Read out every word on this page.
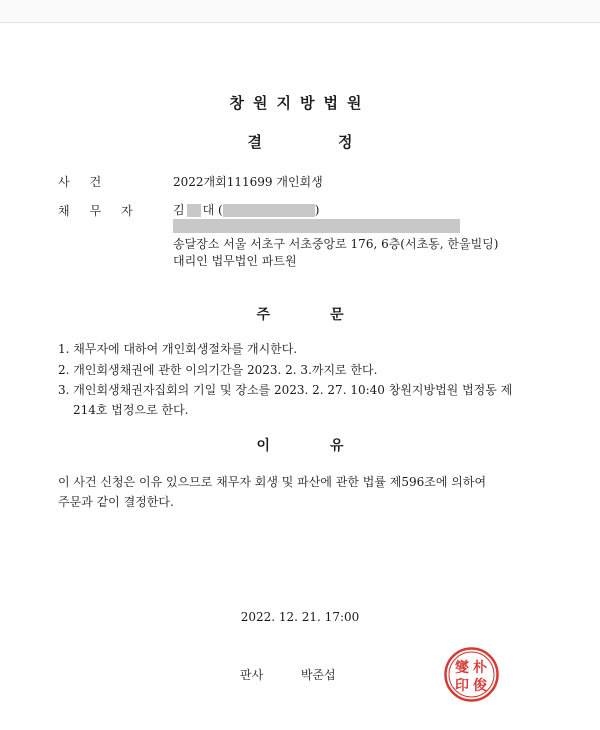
창원지방법원
결정
사건	2022개회111699 개인회생
채무자 김 대 (	)
송달장소 서울 서초구 서초중앙로 176, 6층(서초동, 한울빌딩)
대리인 법무법인 파트원
주문
1. 채무자에 대하여 개인회생절차를 개시한다.
2. 개인회생채권에 관한 이의기간을 2023. 2. 3.까지로 한다.
3. 개인회생채권자집회의 기일 및 장소를 2023. 2. 27. 10:40 창원지방법원 법정동 제
214호 법정으로 한다.
이유
이 사건 신청은 이유 있으므로 채무자 회생 및 파산에 관한 법률 제596조에 의하여
주문과 같이 결정한다.
2022. 12. 21. 17:00
판사	박준섭	朴
俊
燮
印
